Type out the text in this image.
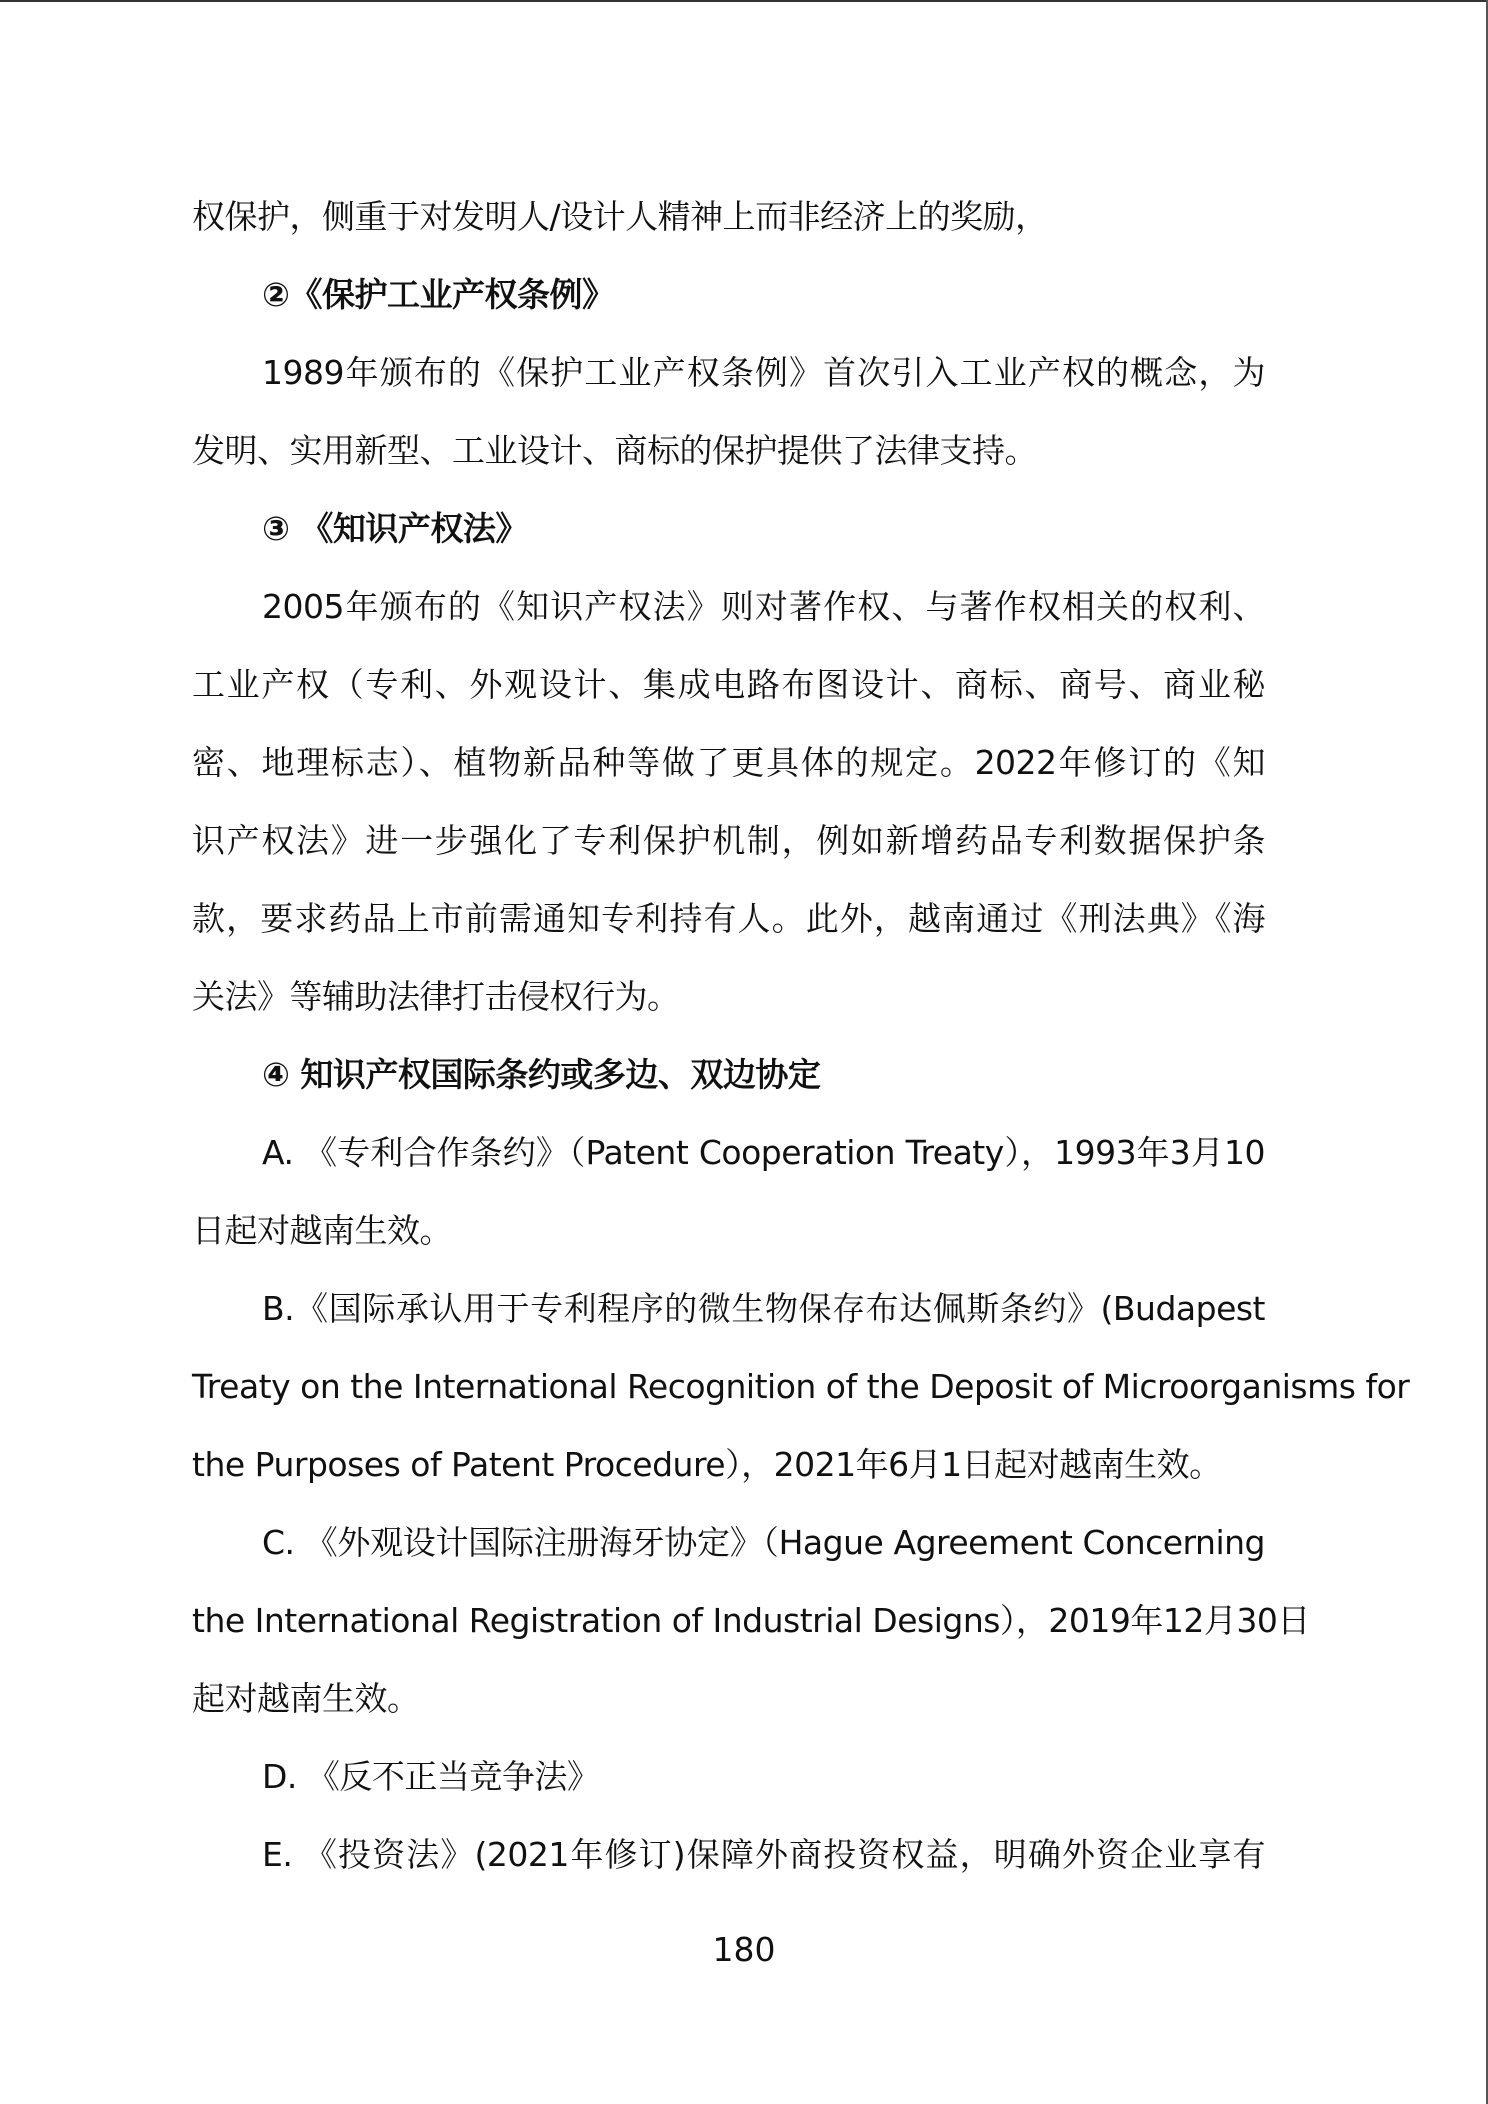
权保护，侧重于对发明人/设计人精神上而非经济上的奖励，
②《保护工业产权条例》
1989年颁布的《保护工业产权条例》首次引入工业产权的概念，为
发明、实用新型、工业设计、商标的保护提供了法律支持。
③ 《知识产权法》
2005年颁布的《知识产权法》则对著作权、与著作权相关的权利、
工业产权（专利、外观设计、集成电路布图设计、商标、商号、商业秘
密、地理标志）、植物新品种等做了更具体的规定。2022年修订的《知
识产权法》进一步强化了专利保护机制，例如新增药品专利数据保护条
款，要求药品上市前需通知专利持有人。此外，越南通过《刑法典》《海
关法》等辅助法律打击侵权行为。
④ 知识产权国际条约或多边、双边协定
A. 《专利合作条约》（Patent Cooperation Treaty），1993年3月10
日起对越南生效。
B.《国际承认用于专利程序的微生物保存布达佩斯条约》(Budapest
Treaty on the International Recognition of the Deposit of Microorganisms for
the Purposes of Patent Procedure），2021年6月1日起对越南生效。
C. 《外观设计国际注册海牙协定》（Hague Agreement Concerning
the International Registration of Industrial Designs），2019年12月30日
起对越南生效。
D. 《反不正当竞争法》
E. 《投资法》(2021年修订)保障外商投资权益，明确外资企业享有
180
